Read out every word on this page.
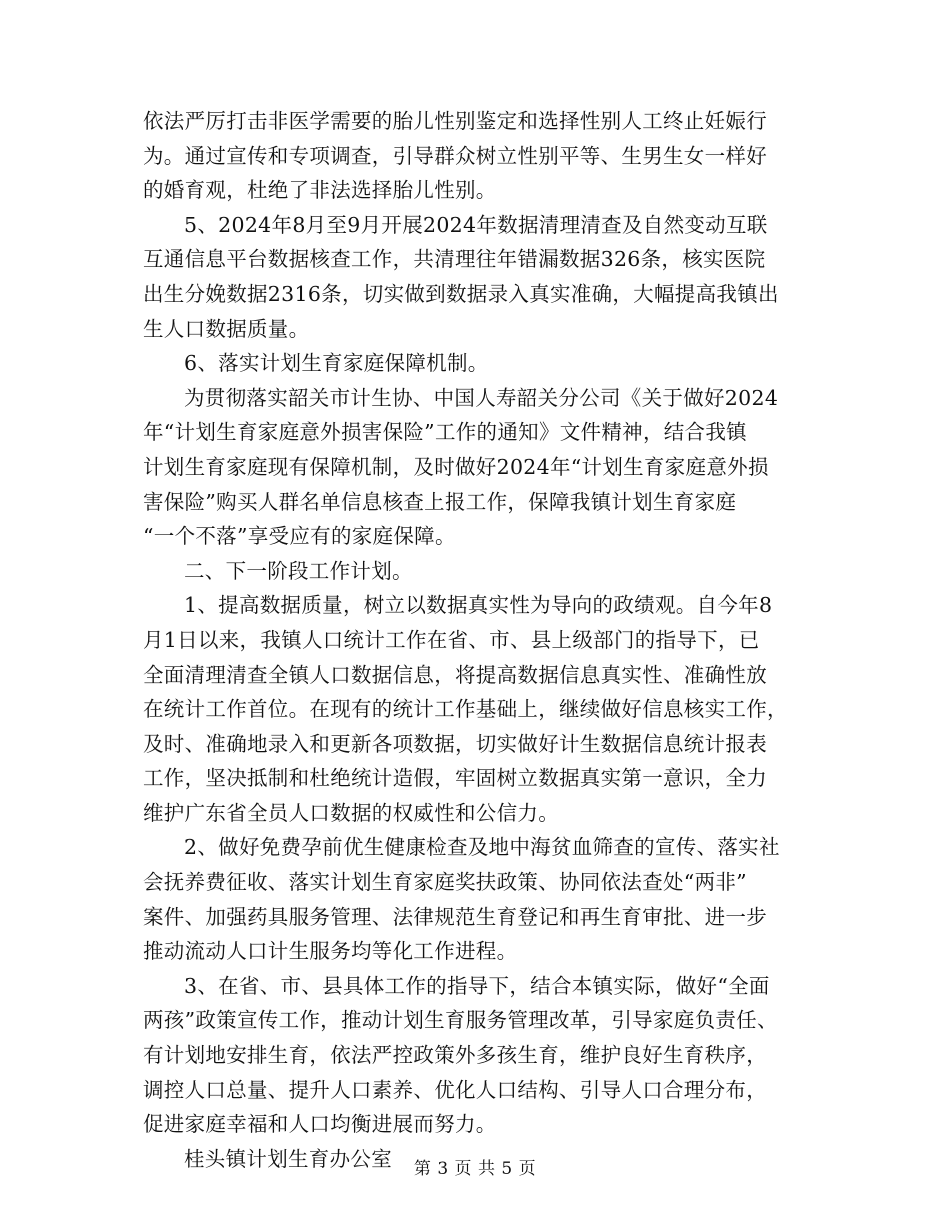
依法严厉打击非医学需要的胎儿性别鉴定和选择性别人工终止妊娠行
为。通过宣传和专项调查，引导群众树立性别平等、生男生女一样好
的婚育观，杜绝了非法选择胎儿性别。

5、2024年8月至9月开展2024年数据清理清查及自然变动互联

互通信息平台数据核查工作，共清理往年错漏数据326条，核实医院
出生分娩数据2316条，切实做到数据录入真实准确，大幅提高我镇出
生人口数据质量。

6、落实计划生育家庭保障机制。

为贯彻落实韶关市计生协、中国人寿韶关分公司《关于做好2024

年“计划生育家庭意外损害保险”工作的通知》文件精神，结合我镇
计划生育家庭现有保障机制，及时做好2024年“计划生育家庭意外损
害保险”购买人群名单信息核查上报工作，保障我镇计划生育家庭
“一个不落”享受应有的家庭保障。

二、下一阶段工作计划。

1、提高数据质量，树立以数据真实性为导向的政绩观。自今年8

月1日以来，我镇人口统计工作在省、市、县上级部门的指导下，已
全面清理清查全镇人口数据信息，将提高数据信息真实性、准确性放
在统计工作首位。在现有的统计工作基础上，继续做好信息核实工作，
及时、准确地录入和更新各项数据，切实做好计生数据信息统计报表
工作，坚决抵制和杜绝统计造假，牢固树立数据真实第一意识，全力
维护广东省全员人口数据的权威性和公信力。

2、做好免费孕前优生健康检查及地中海贫血筛查的宣传、落实社

会抚养费征收、落实计划生育家庭奖扶政策、协同依法查处“两非”
案件、加强药具服务管理、法律规范生育登记和再生育审批、进一步
推动流动人口计生服务均等化工作进程。

3、在省、市、县具体工作的指导下，结合本镇实际，做好“全面

两孩”政策宣传工作，推动计划生育服务管理改革，引导家庭负责任、
有计划地安排生育，依法严控政策外多孩生育，维护良好生育秩序，
调控人口总量、提升人口素养、优化人口结构、引导人口合理分布，
促进家庭幸福和人口均衡进展而努力。

桂头镇计划生育办公室	第 3 页 共 5 页
